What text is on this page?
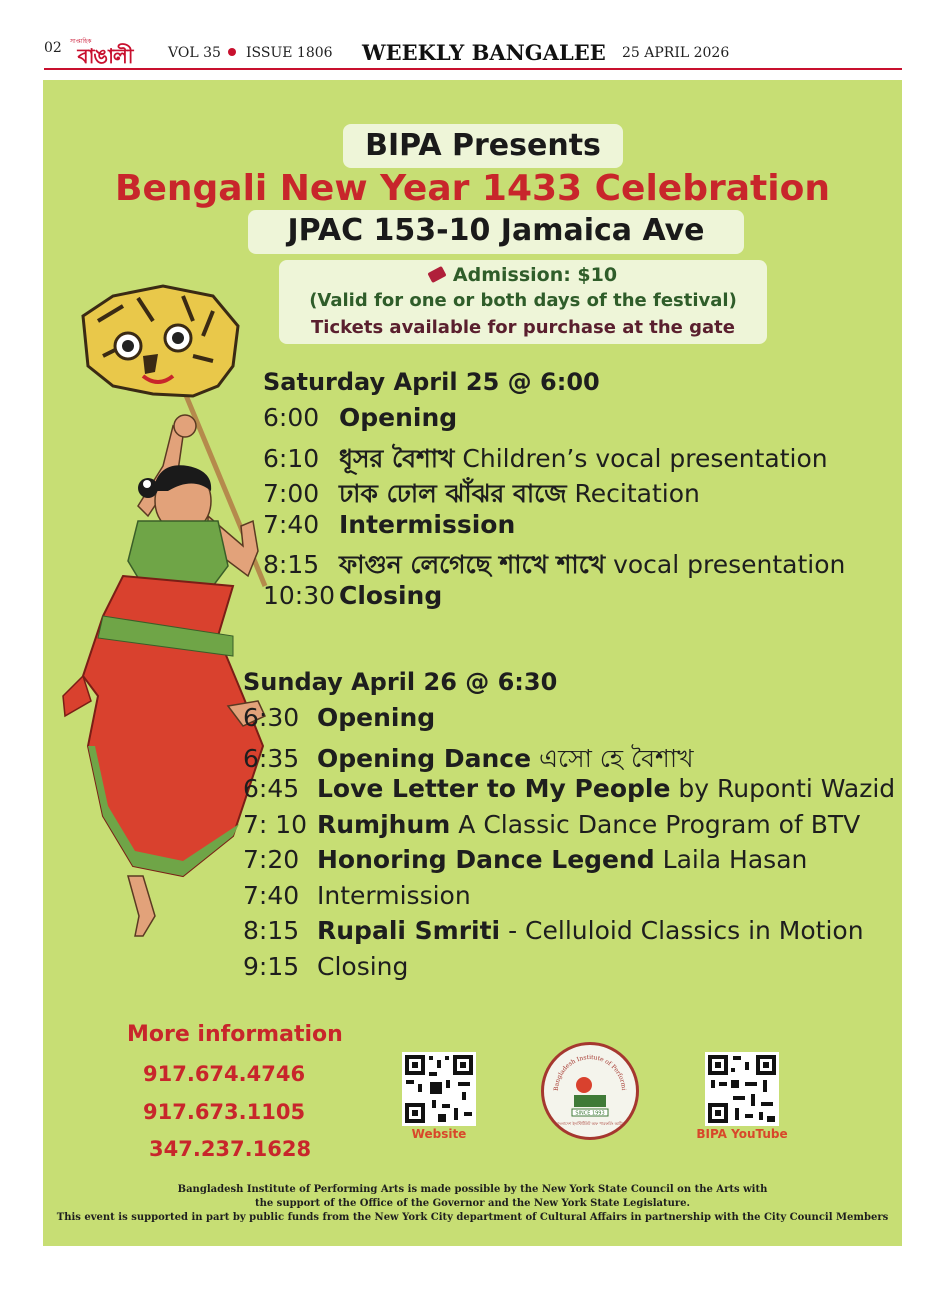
02 সাপ্তাহিক
বাঙালী	VOL 35 ISSUE 1806 WEEKLY BANGALEE 25 APRIL 2026
BIPA Presents
Bengali New Year 1433 Celebration
JPAC 153-10 Jamaica Ave
Admission: $10
(Valid for one or both days of the festival)
Tickets available for purchase at the gate
Saturday April 25 @ 6:00
6:00 Opening
6:10 ধূসর বৈশাখ Children’s vocal presentation
7:00 ঢাক ঢোল ঝাঁঝর বাজে Recitation
7:40 Intermission
8:15 ফাগুন লেগেছে শাখে শাখে vocal presentation
10:30 Closing
Sunday April 26 @ 6:30
6:30 Opening
6:35 Opening Dance এসো হে বৈশাখ
6:45 Love Letter to My People by Ruponti Wazid
7: 10 Rumjhum A Classic Dance Program of BTV
7:20 Honoring Dance Legend Laila Hasan
7:40 Intermission
8:15 Rupali Smriti - Celluloid Classics in Motion
9:15 Closing
More information
917.674.4746
917.673.1105
347.237.1628
Website
Bangladesh Institute of Performi
SINCE 1993
বাংলাদেশ ইনস্টিটিউট অফ পারফর্মিং আর্টস
BIPA YouTube
Bangladesh Institute of Performing Arts is made possible by the New York State Council on the Arts with
the support of the Office of the Governor and the New York State Legislature.
This event is supported in part by public funds from the New York City department of Cultural Affairs in partnership with the City Council Members
